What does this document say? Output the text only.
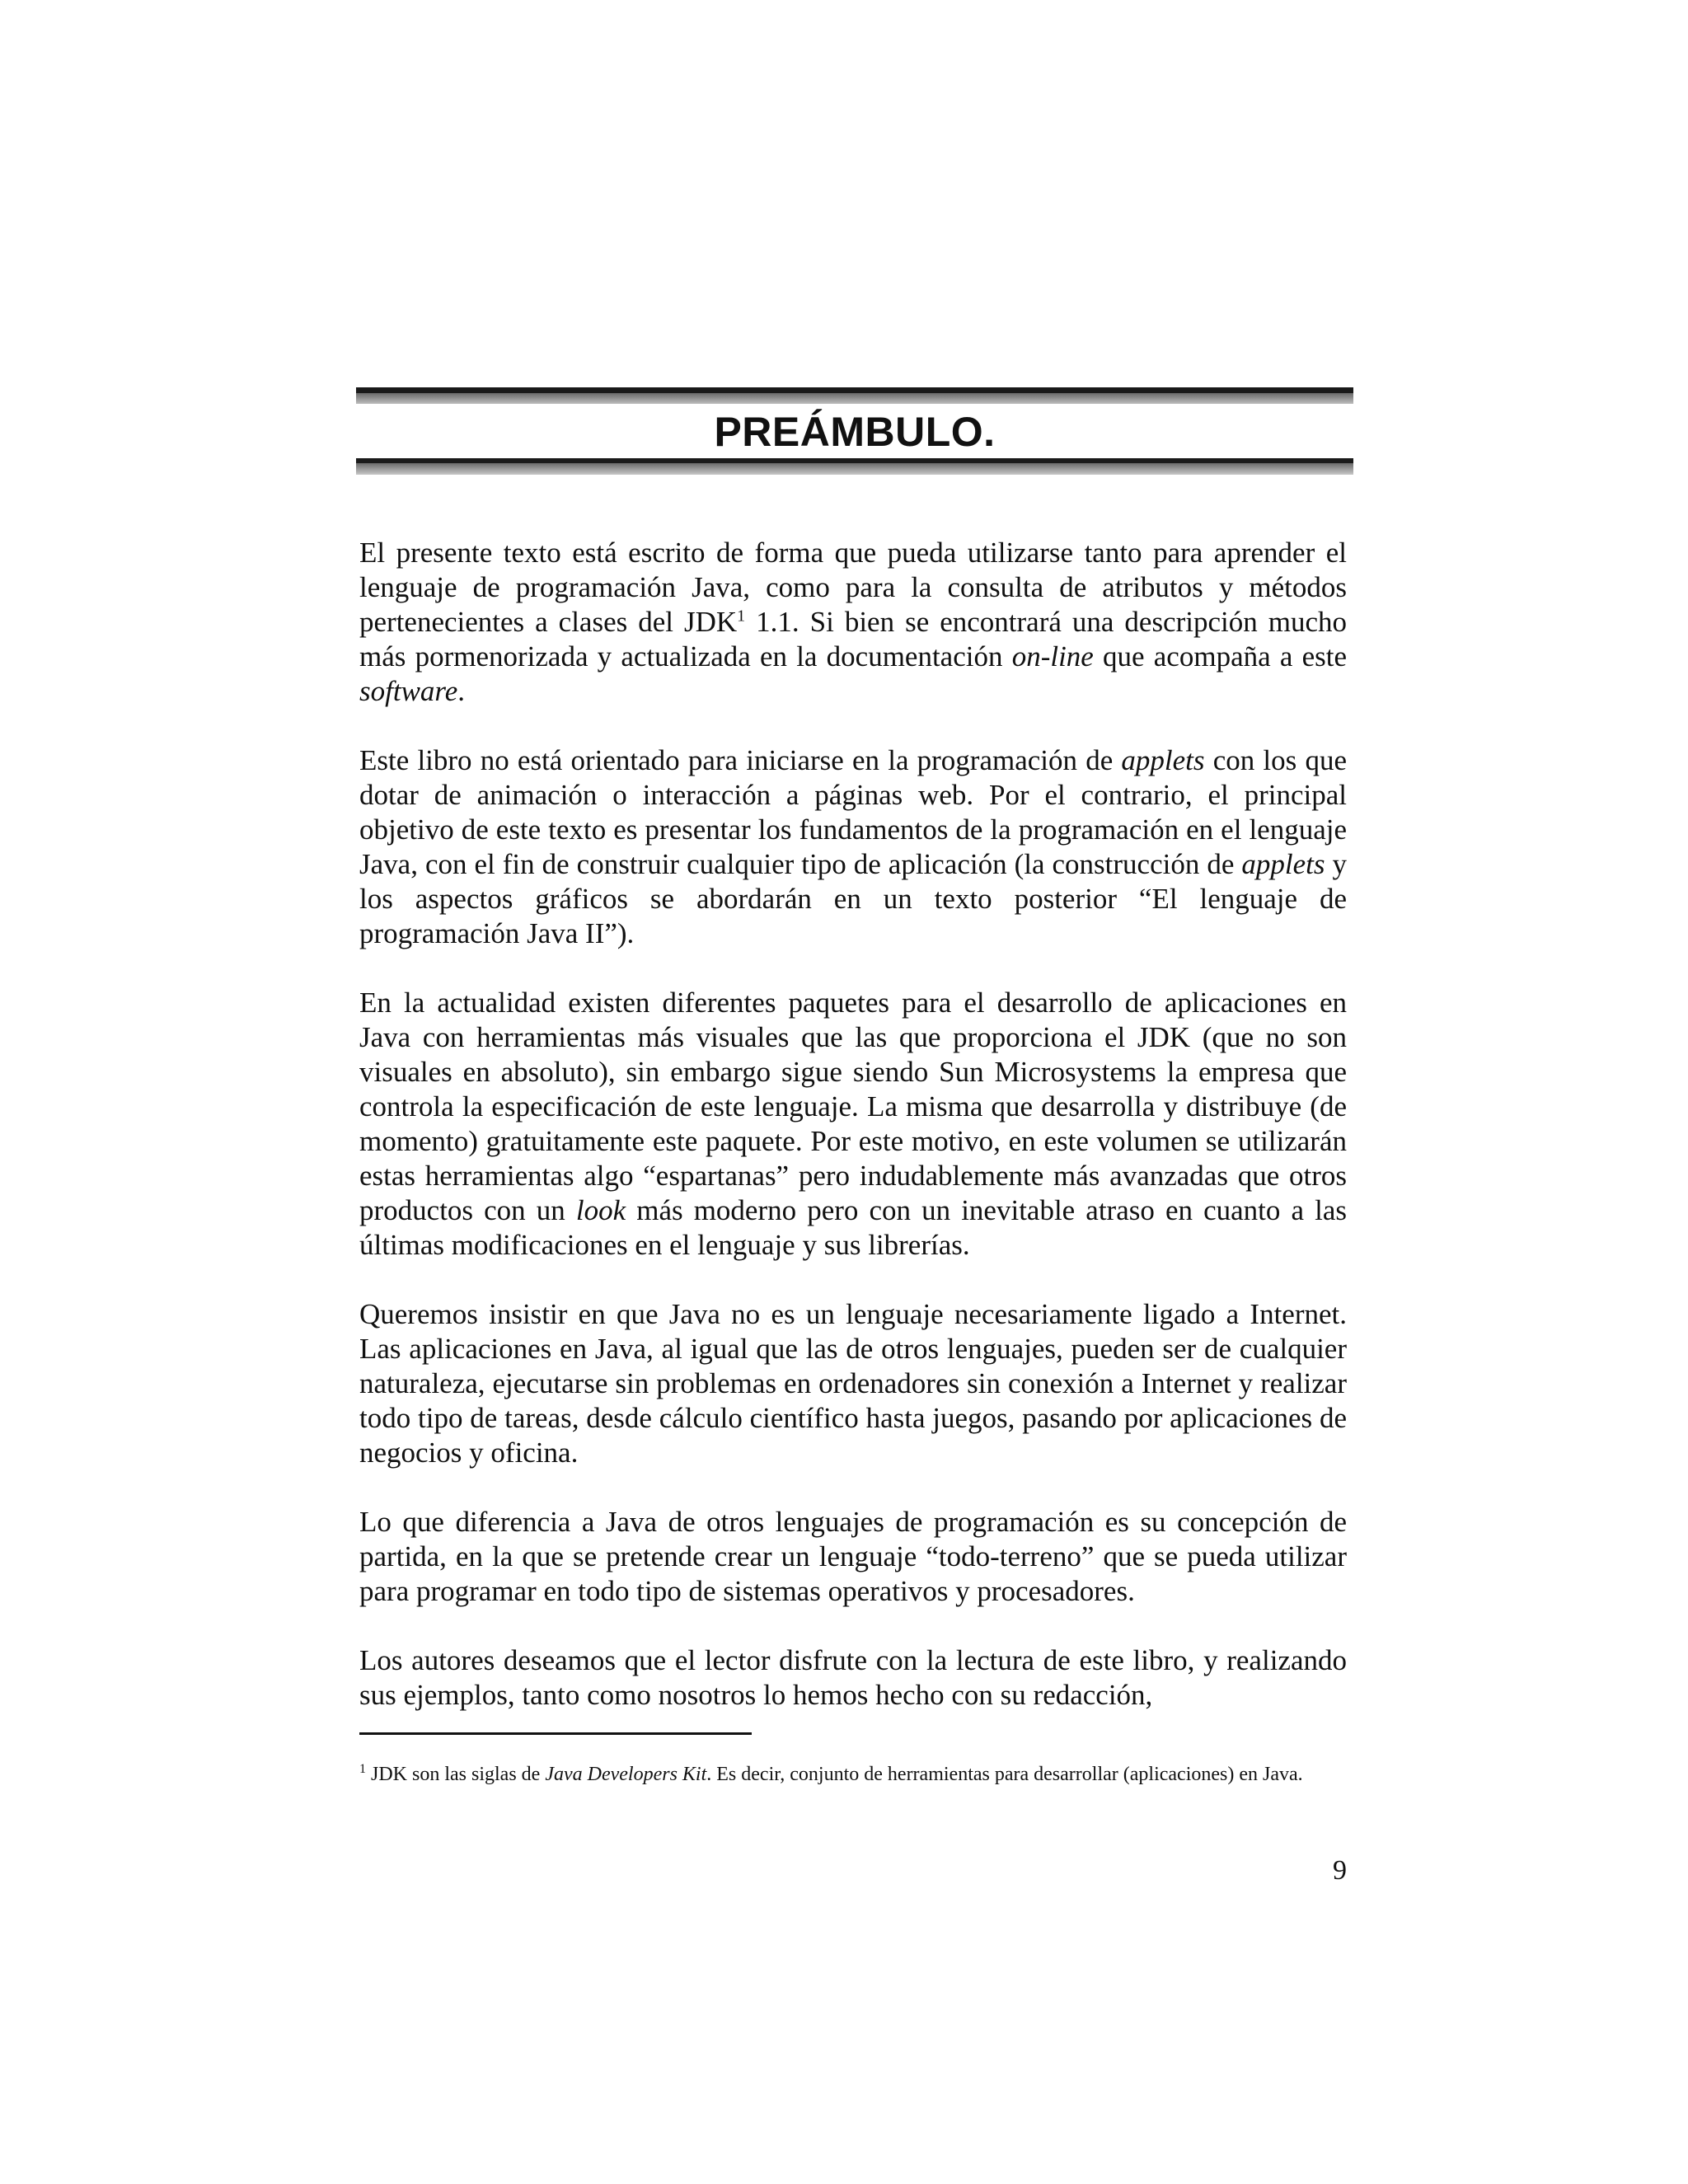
PREÁMBULO.

El presente texto está escrito de forma que pueda utilizarse tanto para aprender el lenguaje de programación Java, como para la consulta de atributos y métodos pertenecientes a clases del JDK$^1$ 1.1. Si bien se encontrará una descripción mucho más pormenorizada y actualizada en la documentación on-line que acompaña a este software.

Este libro no está orientado para iniciarse en la programación de applets con los que dotar de animación o interacción a páginas web. Por el contrario, el principal objetivo de este texto es presentar los fundamentos de la programación en el lenguaje Java, con el fin de construir cualquier tipo de aplicación (la construcción de applets y los aspectos gráficos se abordarán en un texto posterior “El lenguaje de programación Java II”).

En la actualidad existen diferentes paquetes para el desarrollo de aplicaciones en Java con herramientas más visuales que las que proporciona el JDK (que no son visuales en absoluto), sin embargo sigue siendo Sun Microsystems la empresa que controla la especificación de este lenguaje. La misma que desarrolla y distribuye (de momento) gratuitamente este paquete. Por este motivo, en este volumen se utilizarán estas herramientas algo “espartanas” pero indudablemente más avanzadas que otros productos con un look más moderno pero con un inevitable atraso en cuanto a las últimas modificaciones en el lenguaje y sus librerías.

Queremos insistir en que Java no es un lenguaje necesariamente ligado a Internet. Las aplicaciones en Java, al igual que las de otros lenguajes, pueden ser de cualquier naturaleza, ejecutarse sin problemas en ordenadores sin conexión a Internet y realizar todo tipo de tareas, desde cálculo científico hasta juegos, pasando por aplicaciones de negocios y oficina.

Lo que diferencia a Java de otros lenguajes de programación es su concepción de partida, en la que se pretende crear un lenguaje “todo-terreno” que se pueda utilizar para programar en todo tipo de sistemas operativos y procesadores.

Los autores deseamos que el lector disfrute con la lectura de este libro, y realizando sus ejemplos, tanto como nosotros lo hemos hecho con su redacción,

$^1$ JDK son las siglas de Java Developers Kit. Es decir, conjunto de herramientas para desarrollar (aplicaciones) en Java.
9
